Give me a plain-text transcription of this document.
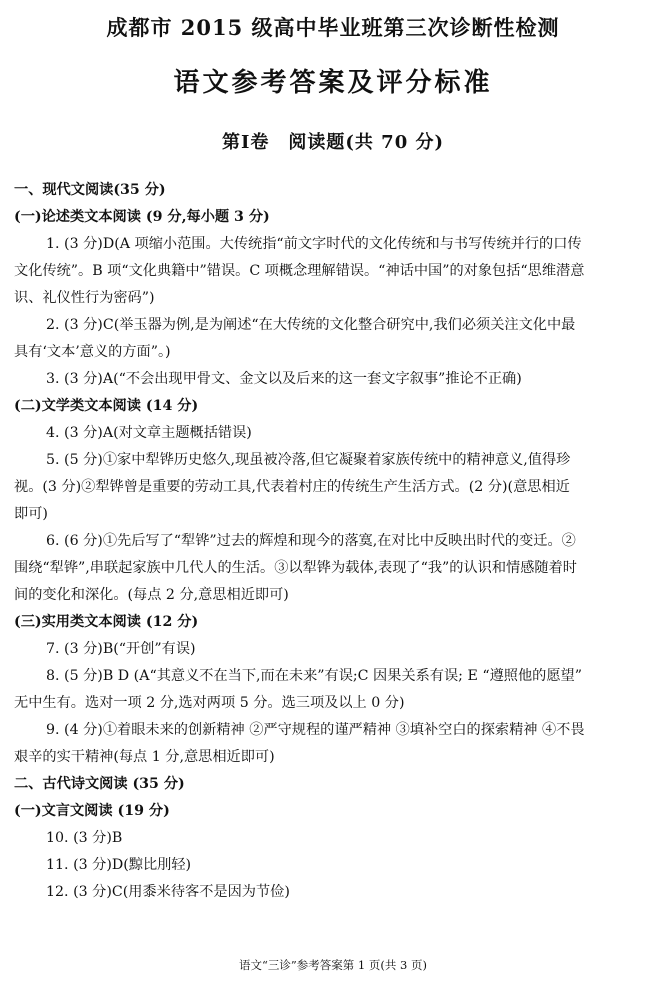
成都市 2015 级高中毕业班第三次诊断性检测
语文参考答案及评分标准
第Ⅰ卷　阅读题(共 70 分)
一、现代文阅读(35 分)
(一)论述类文本阅读 (9 分,每小题 3 分)
1. (3 分)D(A 项缩小范围。大传统指“前文字时代的文化传统和与书写传统并行的口传
文化传统”。B 项“文化典籍中”错误。C 项概念理解错误。“神话中国”的对象包括“思维潜意
识、礼仪性行为密码”)
2. (3 分)C(举玉器为例,是为阐述“在大传统的文化整合研究中,我们必须关注文化中最
具有‘文本’意义的方面”。)
3. (3 分)A(“不会出现甲骨文、金文以及后来的这一套文字叙事”推论不正确)
(二)文学类文本阅读 (14 分)
4. (3 分)A(对文章主题概括错误)
5. (5 分)①家中犁铧历史悠久,现虽被冷落,但它凝聚着家族传统中的精神意义,值得珍
视。(3 分)②犁铧曾是重要的劳动工具,代表着村庄的传统生产生活方式。(2 分)(意思相近
即可)
6. (6 分)①先后写了“犁铧”过去的辉煌和现今的落寞,在对比中反映出时代的变迁。②
围绕“犁铧”,串联起家族中几代人的生活。③以犁铧为载体,表现了“我”的认识和情感随着时
间的变化和深化。(每点 2 分,意思相近即可)
(三)实用类文本阅读 (12 分)
7. (3 分)B(“开创”有误)
8. (5 分)B D (A“其意义不在当下,而在未来”有误;C 因果关系有误; E “遵照他的愿望”
无中生有。选对一项 2 分,选对两项 5 分。选三项及以上 0 分)
9. (4 分)①着眼未来的创新精神 ②严守规程的谨严精神 ③填补空白的探索精神 ④不畏
艰辛的实干精神(每点 1 分,意思相近即可)
二、古代诗文阅读 (35 分)
(一)文言文阅读 (19 分)
10. (3 分)B
11. (3 分)D(黥比刖轻)
12. (3 分)C(用黍米待客不是因为节俭)
语文“三诊”参考答案第 1 页(共 3 页)
